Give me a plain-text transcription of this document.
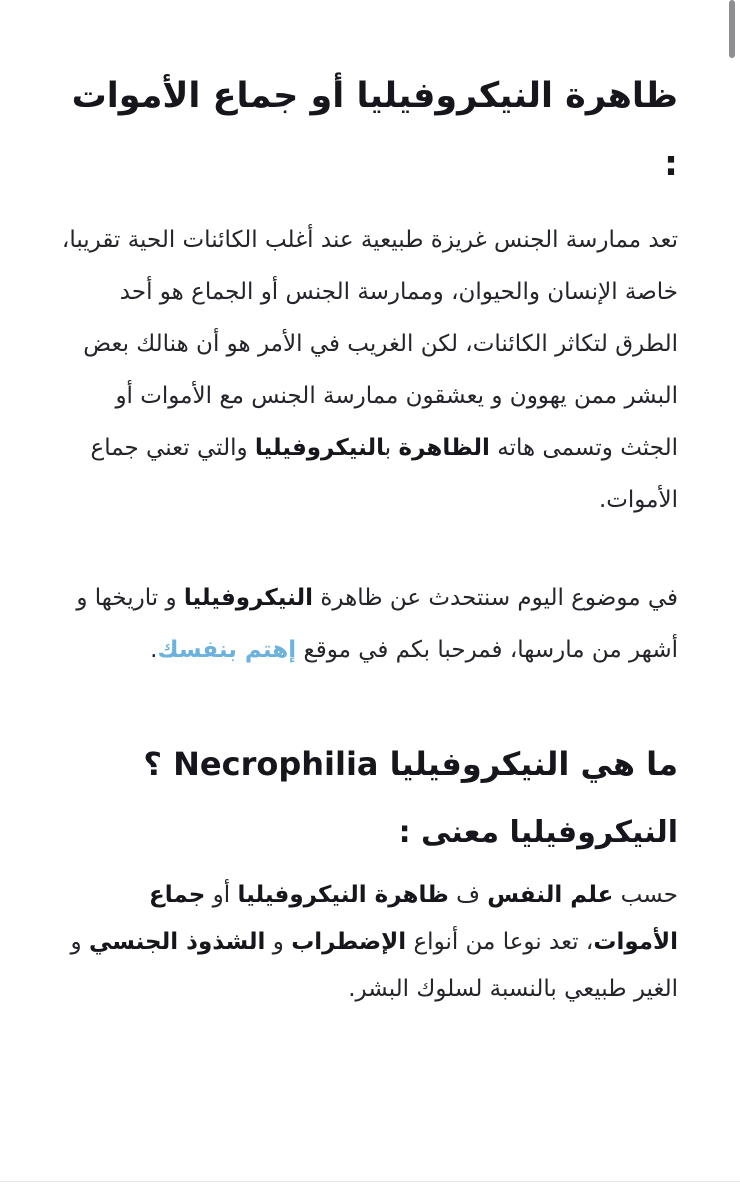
ظاهرة النيكروفيليا أو جماع الأموات :

تعد ممارسة الجنس غريزة طبيعية عند أغلب الكائنات الحية تقريبا، خاصة الإنسان والحيوان، وممارسة الجنس أو الجماع هو أحد الطرق لتكاثر الكائنات، لكن الغريب في الأمر هو أن هنالك بعض البشر ممن يهوون و يعشقون ممارسة الجنس مع الأموات أو الجثث وتسمى هاته الظاهرة بالنيكروفيليا والتي تعني جماع الأموات.

في موضوع اليوم سنتحدث عن ظاهرة النيكروفيليا و تاريخها و أشهر من مارسها، فمرحبا بكم في موقع إهتم بنفسك.

ما هي النيكروفيليا Necrophilia ؟
النيكروفيليا معنى :

حسب علم النفس ف ظاهرة النيكروفيليا أو جماع الأموات، تعد نوعا من أنواع الإضطراب و الشذوذ الجنسي و الغير طبيعي بالنسبة لسلوك البشر.
